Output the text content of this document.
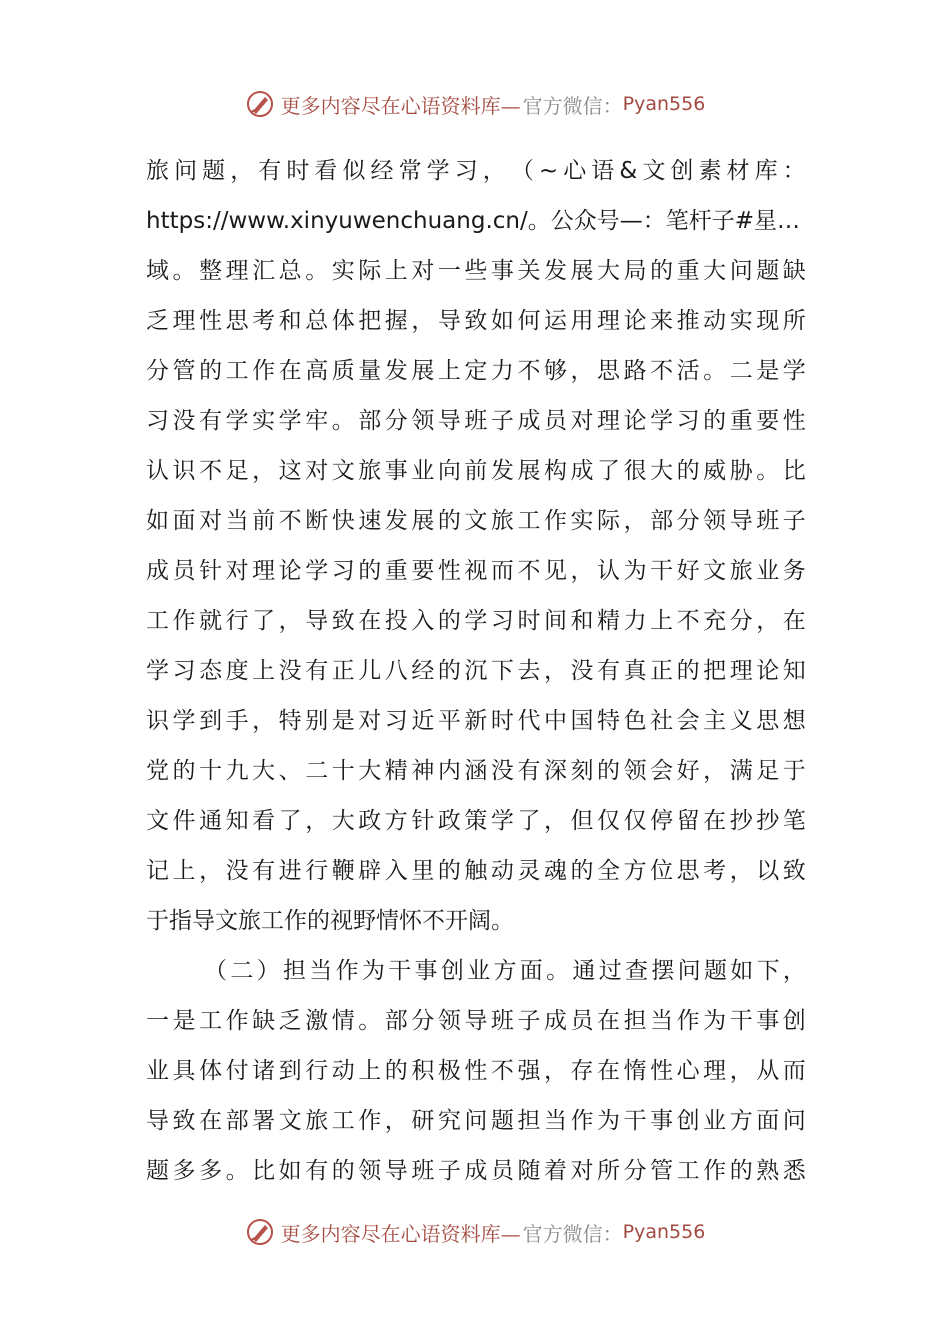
更多内容尽在心语资料库— 官方微信： Pyan556
旅 问 题 ， 有 时 看 似 经 常 学 习 ， （ ~ 心 语 & 文 创 素 材 库 ：
https://www.xinyuwenchuang.cn/。公众号—：笔杆子#星…
域 。 整 理 汇 总 。 实 际 上 对 一 些 事 关 发 展 大 局 的 重 大 问 题 缺
乏 理 性 思 考 和 总 体 把 握 ， 导 致 如 何 运 用 理 论 来 推 动 实 现 所
分 管 的 工 作 在 高 质 量 发 展 上 定 力 不 够 ， 思 路 不 活 。 二 是 学
习 没 有 学 实 学 牢 。 部 分 领 导 班 子 成 员 对 理 论 学 习 的 重 要 性
认 识 不 足 ， 这 对 文 旅 事 业 向 前 发 展 构 成 了 很 大 的 威 胁 。 比
如 面 对 当 前 不 断 快 速 发 展 的 文 旅 工 作 实 际 ， 部 分 领 导 班 子
成 员 针 对 理 论 学 习 的 重 要 性 视 而 不 见 ， 认 为 干 好 文 旅 业 务
工 作 就 行 了 ， 导 致 在 投 入 的 学 习 时 间 和 精 力 上 不 充 分 ， 在
学 习 态 度 上 没 有 正 儿 八 经 的 沉 下 去 ， 没 有 真 正 的 把 理 论 知
识 学 到 手 ， 特 别 是 对 习 近 平 新 时 代 中 国 特 色 社 会 主 义 思 想
党 的 十 九 大 、 二 十 大 精 神 内 涵 没 有 深 刻 的 领 会 好 ， 满 足 于
文 件 通 知 看 了 ， 大 政 方 针 政 策 学 了 ， 但 仅 仅 停 留 在 抄 抄 笔
记 上 ， 没 有 进 行 鞭 辟 入 里 的 触 动 灵 魂 的 全 方 位 思 考 ， 以 致
于指导文旅工作的视野情怀不开阔。
（ 二 ） 担 当 作 为 干 事 创 业 方 面 。 通 过 查 摆 问 题 如 下 ，
一 是 工 作 缺 乏 激 情 。 部 分 领 导 班 子 成 员 在 担 当 作 为 干 事 创
业 具 体 付 诸 到 行 动 上 的 积 极 性 不 强 ， 存 在 惰 性 心 理 ， 从 而
导 致 在 部 署 文 旅 工 作 ， 研 究 问 题 担 当 作 为 干 事 创 业 方 面 问
题 多 多 。 比 如 有 的 领 导 班 子 成 员 随 着 对 所 分 管 工 作 的 熟 悉
更多内容尽在心语资料库— 官方微信： Pyan556
